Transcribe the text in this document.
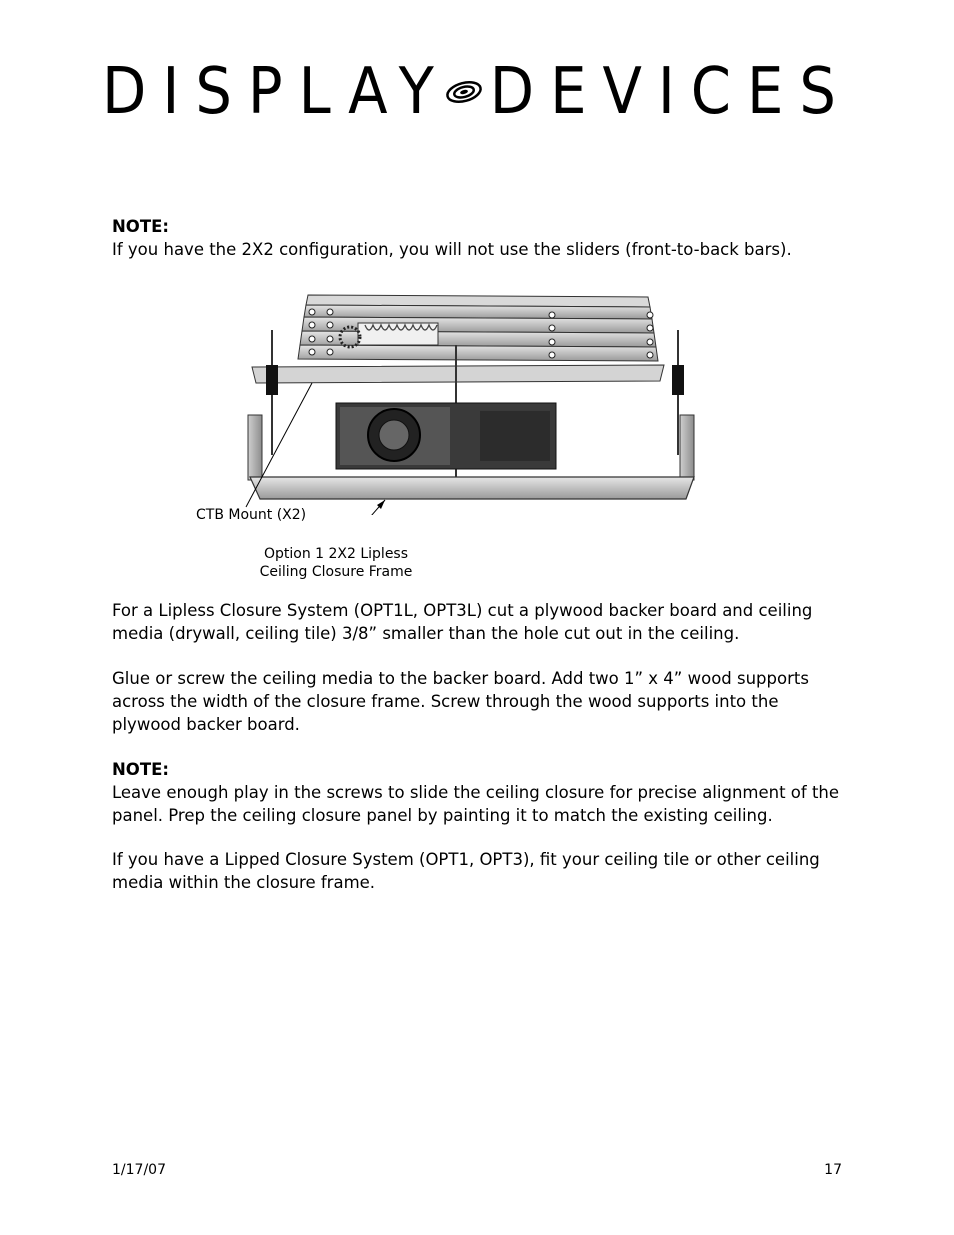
DISPLAY DEVICES

NOTE:

If you have the 2X2 configuration, you will not use the sliders (front-to-back bars).

CTB Mount (X2)
Option 1 2X2 Lipless
Ceiling Closure Frame

For a Lipless Closure System (OPT1L, OPT3L) cut a plywood backer board and ceiling media (drywall, ceiling tile) 3/8” smaller than the hole cut out in the ceiling.

Glue or screw the ceiling media to the backer board. Add two 1” x 4” wood supports across the width of the closure frame. Screw through the wood supports into the plywood backer board.

NOTE:

Leave enough play in the screws to slide the ceiling closure for precise alignment of the panel. Prep the ceiling closure panel by painting it to match the existing ceiling.

If you have a Lipped Closure System (OPT1, OPT3), fit your ceiling tile or other ceiling media within the closure frame.

1/17/07	17
